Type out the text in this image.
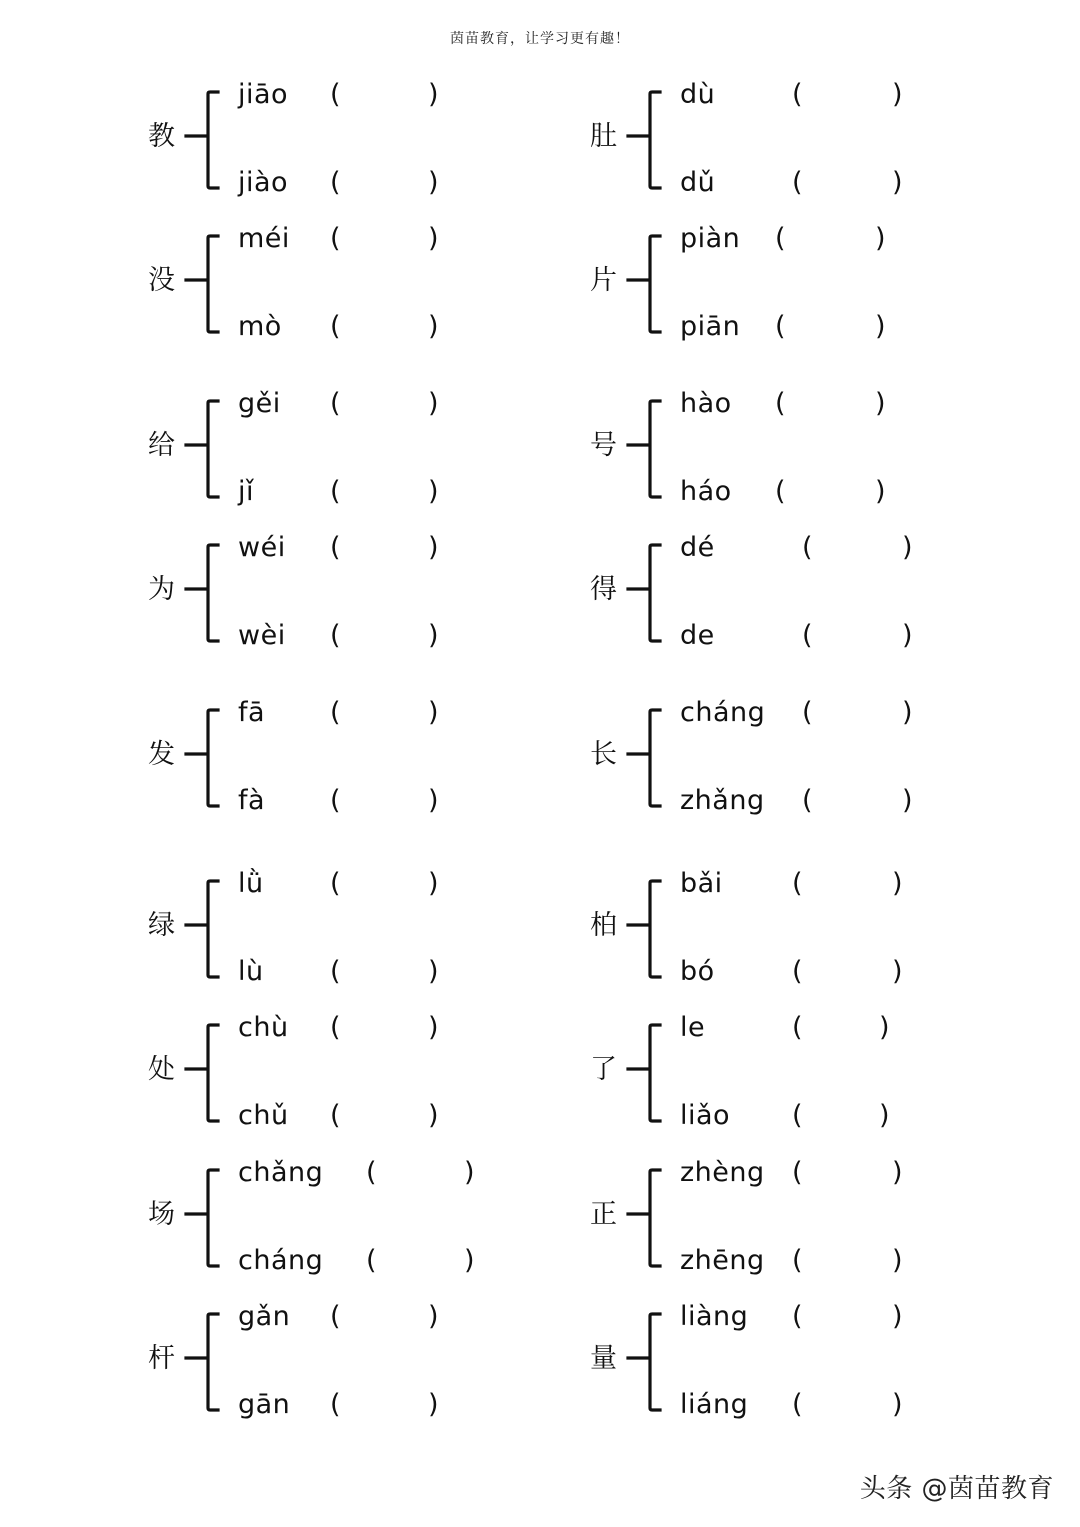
茵苗教育，让学习更有趣！
教
jiāo (	)
jiào (	)
没
méi (	)
mò (	)
给
gěi (	)
jǐ	(	)
为
wéi (	)
wèi (	)
发
fā (	)
fà (	)
绿
lǜ (	)
lù (	)
处
chù (	)
chǔ (	)
场
chǎng (	)
cháng (	)
杆
gǎn (	)
gān (	)
肚
dù	(	)
dǔ	(	)
片
piàn (	)
piān (	)
号
hào (	)
háo (	)
得
dé	(	)
de	(	)
长
cháng (	)
zhǎng (	)
柏
bǎi	(	)
bó	(	)
了
le	(	)
liǎo (	)
正
zhèng (	)
zhēng (	)
量
liàng (	)
liáng (	)
头条 @茵苗教育
